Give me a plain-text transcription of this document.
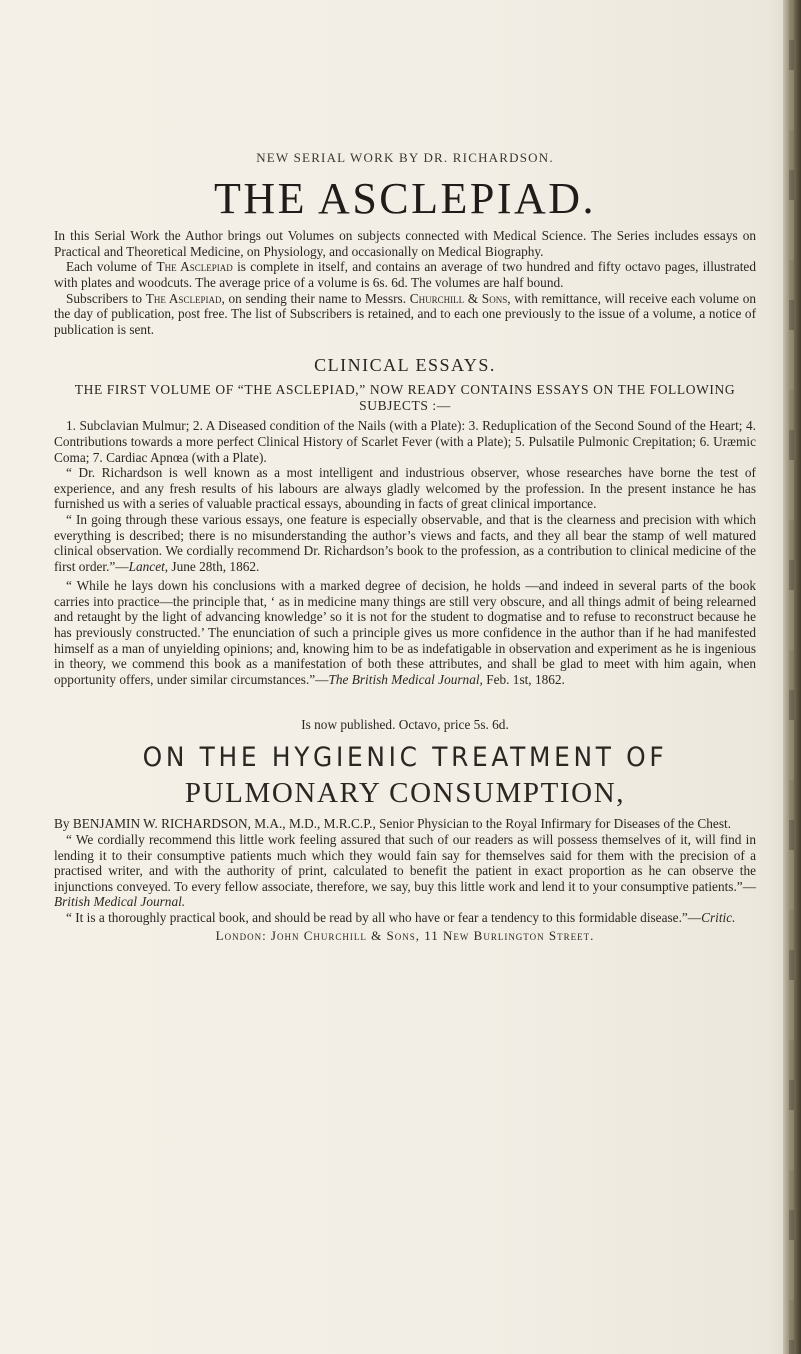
NEW SERIAL WORK BY DR. RICHARDSON.
THE ASCLEPIAD.

In this Serial Work the Author brings out Volumes on subjects connected with Medical Science. The Series includes essays on Practical and Theoretical Medicine, on Physiology, and occasionally on Medical Biography.

Each volume of The Asclepiad is complete in itself, and contains an average of two hundred and fifty octavo pages, illustrated with plates and woodcuts. The average price of a volume is 6s. 6d. The volumes are half bound.

Subscribers to The Asclepiad, on sending their name to Messrs. Churchill & Sons, with remittance, will receive each volume on the day of publication, post free. The list of Subscribers is retained, and to each one previously to the issue of a volume, a notice of publication is sent.

CLINICAL ESSAYS.
THE FIRST VOLUME OF “THE ASCLEPIAD,” NOW READY CONTAINS ESSAYS ON THE FOLLOWING SUBJECTS :—

1. Subclavian Mulmur; 2. A Diseased condition of the Nails (with a Plate): 3. Reduplication of the Second Sound of the Heart; 4. Contributions towards a more perfect Clinical History of Scarlet Fever (with a Plate); 5. Pulsatile Pulmonic Crepitation; 6. Uræmic Coma; 7. Cardiac Apnœa (with a Plate).

“ Dr. Richardson is well known as a most intelligent and industrious observer, whose researches have borne the test of experience, and any fresh results of his labours are always gladly welcomed by the profession. In the present instance he has furnished us with a series of valuable practical essays, abounding in facts of great clinical importance.

“ In going through these various essays, one feature is especially observable, and that is the clearness and precision with which everything is described; there is no misunderstanding the author’s views and facts, and they all bear the stamp of well matured clinical observation. We cordially recommend Dr. Richardson’s book to the profession, as a contribution to clinical medicine of the first order.”—Lancet, June 28th, 1862.

“ While he lays down his conclusions with a marked degree of decision, he holds —and indeed in several parts of the book carries into practice—the principle that, ‘ as in medicine many things are still very obscure, and all things admit of being relearned and retaught by the light of advancing knowledge’ so it is not for the student to dogmatise and to refuse to reconstruct because he has previously constructed.’ The enunciation of such a principle gives us more confidence in the author than if he had manifested himself as a man of unyielding opinions; and, knowing him to be as indefatigable in observation and experiment as he is ingenious in theory, we commend this book as a manifestation of both these attributes, and shall be glad to meet with him again, when opportunity offers, under similar circumstances.”—The British Medical Journal, Feb. 1st, 1862.

Is now published. Octavo, price 5s. 6d.
ON THE HYGIENIC TREATMENT OF
PULMONARY CONSUMPTION,

By BENJAMIN W. RICHARDSON, M.A., M.D., M.R.C.P., Senior Physician to the Royal Infirmary for Diseases of the Chest.

“ We cordially recommend this little work feeling assured that such of our readers as will possess themselves of it, will find in lending it to their consumptive patients much which they would fain say for themselves said for them with the precision of a practised writer, and with the authority of print, calculated to benefit the patient in exact proportion as he can observe the injunctions conveyed. To every fellow associate, therefore, we say, buy this little work and lend it to your consumptive patients.”—British Medical Journal.

“ It is a thoroughly practical book, and should be read by all who have or fear a tendency to this formidable disease.”—Critic.

London: John Churchill & Sons, 11 New Burlington Street.
